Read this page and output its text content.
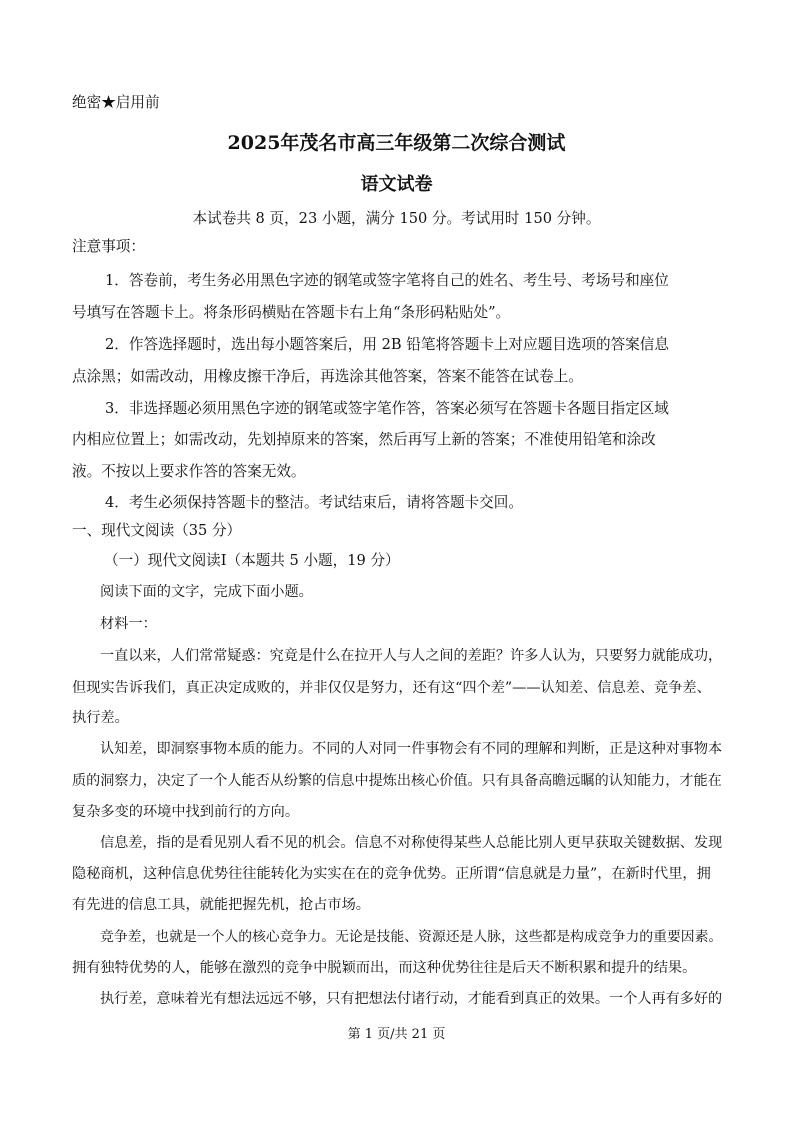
绝密★启用前
2025年茂名市高三年级第二次综合测试
语文试卷
本试卷共 8 页，23 小题，满分 150 分。考试用时 150 分钟。
注意事项：
1．答卷前，考生务必用黑色字迹的钢笔或签字笔将自己的姓名、考生号、考场号和座位
号填写在答题卡上。将条形码横贴在答题卡右上角“条形码粘贴处”。
2．作答选择题时，选出每小题答案后，用 2B 铅笔将答题卡上对应题目选项的答案信息
点涂黑；如需改动，用橡皮擦干净后，再选涂其他答案，答案不能答在试卷上。
3．非选择题必须用黑色字迹的钢笔或签字笔作答，答案必须写在答题卡各题目指定区域
内相应位置上；如需改动，先划掉原来的答案，然后再写上新的答案；不准使用铅笔和涂改
液。不按以上要求作答的答案无效。
4．考生必须保持答题卡的整洁。考试结束后，请将答题卡交回。
一、现代文阅读（35 分）
（一）现代文阅读Ⅰ（本题共 5 小题，19 分）
阅读下面的文字，完成下面小题。
材料一：
一直以来，人们常常疑惑：究竟是什么在拉开人与人之间的差距？许多人认为，只要努力就能成功，
但现实告诉我们，真正决定成败的，并非仅仅是努力，还有这“四个差”——认知差、信息差、竞争差、
执行差。
认知差，即洞察事物本质的能力。不同的人对同一件事物会有不同的理解和判断，正是这种对事物本
质的洞察力，决定了一个人能否从纷繁的信息中提炼出核心价值。只有具备高瞻远瞩的认知能力，才能在
复杂多变的环境中找到前行的方向。
信息差，指的是看见别人看不见的机会。信息不对称使得某些人总能比别人更早获取关键数据、发现
隐秘商机，这种信息优势往往能转化为实实在在的竞争优势。正所谓“信息就是力量”，在新时代里，拥
有先进的信息工具，就能把握先机，抢占市场。
竞争差，也就是一个人的核心竞争力。无论是技能、资源还是人脉，这些都是构成竞争力的重要因素。
拥有独特优势的人，能够在激烈的竞争中脱颖而出，而这种优势往往是后天不断积累和提升的结果。
执行差，意味着光有想法远远不够，只有把想法付诸行动，才能看到真正的效果。一个人再有多好的
第 1 页/共 21 页
